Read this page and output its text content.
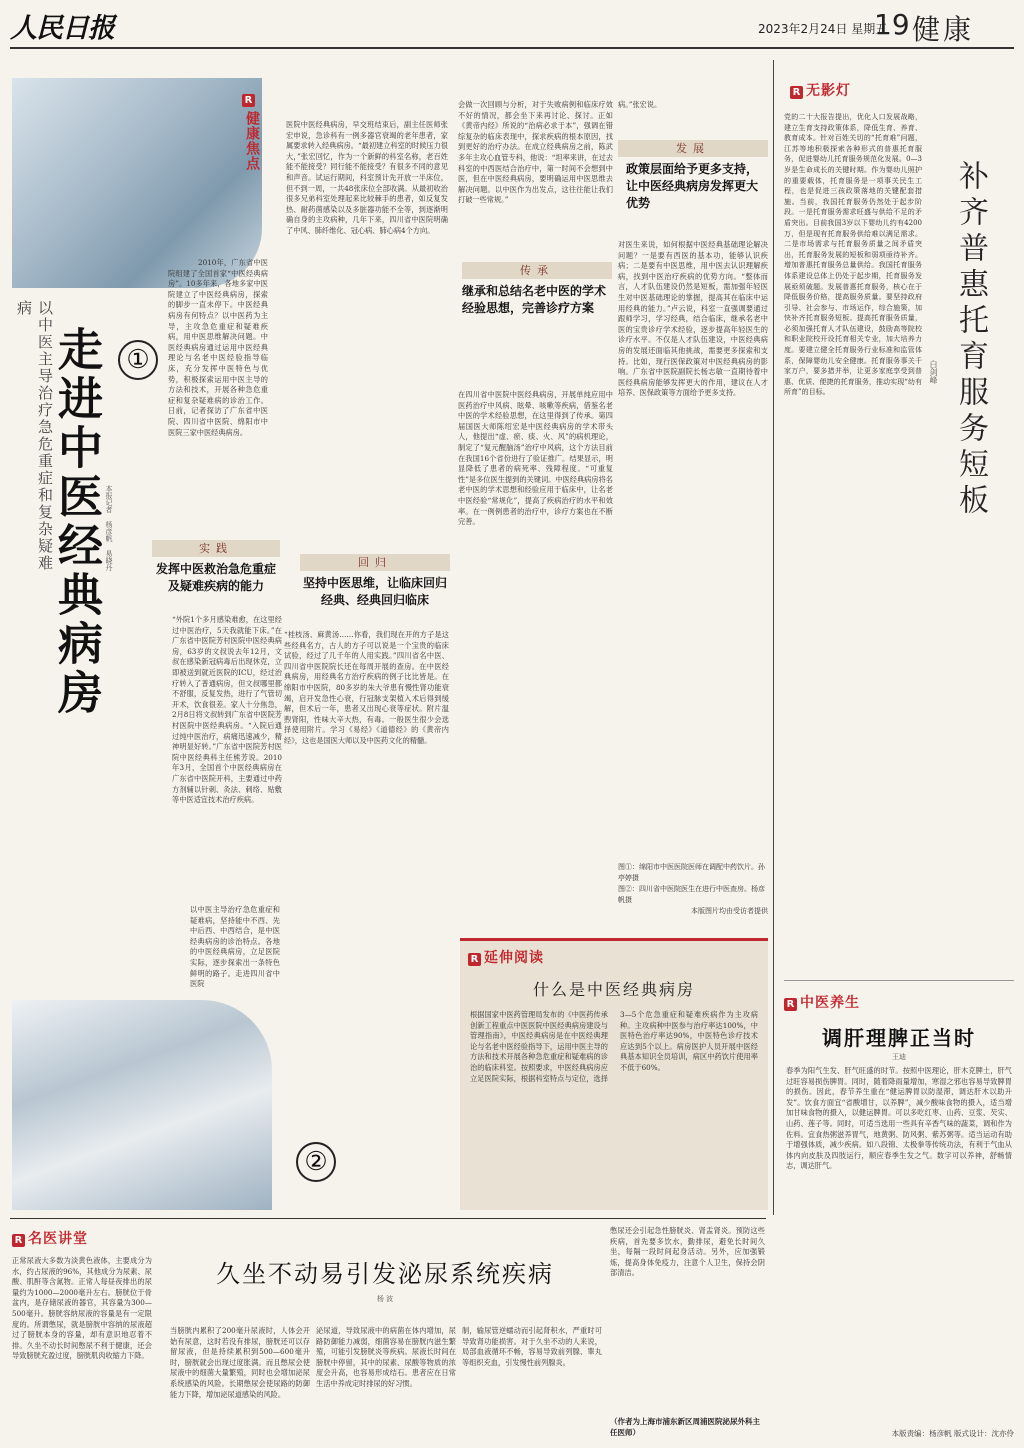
人民日报	2023年2月24日 星期五
19 健康
①
R
健康焦点
以中医主导治疗急危重症和复杂疑难病
走进中医经典病房 本报记者 杨彦帆 易晓丹
2010年，广东省中医院组建了全国首家“中医经典病房”。10多年来，各地多家中医院建立了中医经典病房，探索的脚步一直未停下。中医经典病房有何特点？以中医药为主导，主攻急危重症和疑难疾病，用中医思维解决问题。中医经典病房通过运用中医经典理论与名老中医经验指导临床，充分发挥中医特色与优势，积极探索运用中医主导的方法和技术，开展各种急危重症和复杂疑难病的诊治工作。日前，记者探访了广东省中医院、四川省中医院、绵阳市中医院三家中医经典病房。
实践
发挥中医救治急危重症及疑难疾病的能力
“外院1个多月感染难愈，在这里经过中医治疗，5天我就能下床。”在广东省中医院芳村医院中医经典病房，63岁的文叔说去年12月，文叔在感染新冠病毒后出现休克，立即被送到就近医院的ICU，经过治疗转入了普通病房，但文叔哪里都不舒服，反复发热，进行了气管切开术，饮食很差。家人十分焦急，2月8日将文叔转到广东省中医院芳村医院中医经典病房。“入院后通过纯中医治疗，病痛迅速减少，精神明显好转。”广东省中医院芳村医院中医经典科主任熊芳说。2010年3月，全国首个中医经典病房在广东省中医院开科，主要通过中药方剂辅以针刺、灸法、刺络、贴敷等中医适宜技术治疗疾病。
以中医主导治疗急危重症和疑难病，坚持能中不西、先中后西、中西结合，是中医经典病房的诊治特点。各地的中医经典病房，立足医院实际，逐步探索出一条特色鲜明的路子。走进四川省中医院
②
医院中医经典病房，早交班结束后，副主任医师张宏申说，急诊科有一例多器官衰竭的老年患者，家属要求转入经典病房。“最初建立科室的时候压力很大，”张宏回忆，作为一个新鲜的科室名称，老百姓能不能接受？同行能不能接受？有很多不同的意见和声音。试运行期间，科室预计先开放一半床位，但不到一周，一共48张床位全部收满。从最初收治很多兄弟科室处理起来比较棘手的患者，如反复发热、耐药菌感染以及多脏器功能不全等，到逐渐明确自身的主攻病种，几年下来，四川省中医院明确了中风、肺纤维化、冠心病、肺心病4个方向。
回归
坚持中医思维，让临床回归经典、经典回归临床
“桂枝汤、麻黄汤……你看，我们现在开的方子是这些经典名方，古人的方子可以说是一个宝贵的临床试验，经过了几千年的人用实践。”四川省名中医、四川省中医院院长还在每周开展的查房。在中医经典病房，用经典名方治疗疾病的例子比比皆是。在绵阳市中医院，80多岁的朱大爷患有慢性肾功能衰竭，启开发急性心衰，行冠脉支架植入术后得到缓解，但术后一年，患者又出现心衰等症状。附片温煦肾阳，性味大辛大热，有毒。一般医生很少会选择使用附片。学习《易经》《道德经》的《黄帝内经》，这也是国医大师以及中医药文化的精髓。
会做一次回顾与分析，对于失败病例和临床疗效不好的情况，都会坐下来再讨论、探讨。正如《黄帝内经》所说的“治病必求于本”，强调在错综复杂的临床表现中，探求疾病的根本原因，找到更好的治疗办法。在成立经典病房之前，陈武多年主攻心血管专科，他说：“坦率来讲，在过去科室的中西医结合治疗中，第一时间不会想到中医，但在中医经典病房，要明确运用中医思维去解决问题。以中医作为出发点，这往往能让我们打破一些常规。”
传承
继承和总结名老中医的学术经验思想，完善诊疗方案
在四川省中医院中医经典病房，开展单纯应用中医药治疗中风病、眩晕、咳嗽等疾病，借鉴名老中医的学术经验思想，在这里得到了传承。第四届国医大师陈绍宏是中医经典病房的学术带头人，他提出“虚、瘀、痰、火、风”的病机理论，制定了“复元醒脑汤”治疗中风病，这个方法目前在我国16个省份进行了验证推广。结果显示，明显降低了患者的病死率、残障程度。“可重复性”是多位医生提到的关键词。中医经典病房将名老中医的学术思想和经验应用于临床中，让名老中医经验“常规化”，提高了疾病治疗的水平和效率。在一例例患者的治疗中，诊疗方案也在不断完善。
病。”张宏说。
发展
政策层面给予更多支持，让中医经典病房发挥更大优势
对医生来说，如何根据中医经典基础理论解决问题？一是要有西医的基本功，能够认识疾病；二是要有中医思维，用中医去认识理解疾病，找到中医治疗疾病的优势方向。“整体而言，人才队伍建设仍然是短板，需加强年轻医生对中医基础理论的掌握，提高其在临床中运用经典的能力。”卢云说，科室一直强调要通过跟师学习，学习经典，结合临床，继承名老中医的宝贵诊疗学术经验，逐步提高年轻医生的诊疗水平。不仅是人才队伍建设，中医经典病房的发展还面临其他挑战，需要更多探索和支持。比如，现行医保政策对中医经典病房的影响。广东省中医院副院长杨志敏一直期待着中医经典病房能够发挥更大的作用，建议在人才培养、医保政策等方面给予更多支持。
图①：绵阳市中医医院医师在调配中药饮片。孙亭婷摄
图②：四川省中医院医生在进行中医查房。杨彦帆摄
本版图片均由受访者提供
R 延伸阅读
什么是中医经典病房
根据国家中医药管理局发布的《中医药传承创新工程重点中医医院中医经典病房建设与管理指南》，中医经典病房是在中医经典理论与名老中医经验指导下，运用中医主导的方法和技术开展各种急危重症和疑难病的诊治的临床科室。按照要求，中医经典病房应立足医院实际，根据科室特点与定位，选择3—5个危急重症和疑难疾病作为主攻病种。主攻病种中医参与治疗率达100%，中医特色治疗率达90%，中医特色诊疗技术应达到5个以上。病房医护人员开展中医经典基本知识全员培训，病区中药饮片使用率不低于60%。
R 无影灯
补齐普惠托育服务短板
白剑峰
党的二十大报告提出，优化人口发展战略，建立生育支持政策体系，降低生育、养育、教育成本。针对百姓关切的“托育难”问题，江苏等地积极探索各种形式的普惠托育服务，促进婴幼儿托育服务规范化发展。0—3岁是生命成长的关键时期。作为婴幼儿照护的重要载体，托育服务是一项事关民生工程，也是促进三孩政策落地的关键配套措施。当前，我国托育服务仍然处于起步阶段。一是托育服务需求旺盛与供给不足的矛盾突出。目前我国3岁以下婴幼儿约有4200万，但是现有托育服务供给难以满足需求。二是市场需求与托育服务质量之间矛盾突出，托育服务发展的短板和弱项亟待补齐。增加普惠托育服务总量供给。我国托育服务体系建设总体上仍处于起步期，托育服务发展亟须破题。发展普惠托育服务，核心在于降低服务价格，提高服务质量。要坚持政府引导、社会参与、市场运作，综合施策，加快补齐托育服务短板。提高托育服务质量，必须加强托育人才队伍建设，鼓励高等院校和职业院校开设托育相关专业，加大培养力度。要建立健全托育服务行业标准和监管体系，保障婴幼儿安全健康。托育服务事关千家万户，要多措并举，让更多家庭享受到普惠、优质、便捷的托育服务，推动实现“幼有所育”的目标。
R 中医养生
调肝理脾正当时
王迪
春季为阳气生发、肝气旺盛的时节。按照中医理论，肝木克脾土，肝气过旺容易损伤脾胃。同时，随着降雨量增加，寒湿之邪也容易导致脾胃的损伤。因此，春节养生重在“健运脾胃以防湿滞，调达肝木以助升发”。饮食方面宜“省酸增甘，以养脾”，减少酸味食物的摄入，适当增加甘味食物的摄入，以健运脾胃。可以多吃红枣、山药、豆浆、芡实、山药、莲子等。同时，可适当选用一些具有辛香气味的蔬菜，调和作为佐料。宜食热粥滋养胃气，地黄粥、防风粥、紫苏粥等。适当运动有助于增强体质，减少疾病。如八段锦、太极拳等传统功法，有利于气血从体内向皮肤及四肢运行，顺应春季生发之气。数字可以养神，舒畅情志，调达肝气。
本版责编：杨彦帆 版式设计：沈亦伶
R 名医讲堂
久坐不动易引发泌尿系统疾病
杨 波
正常尿液大多数为淡黄色液体，主要成分为水，约占尿液的96%，其他成分为尿素、尿酸、肌酐等含氮物。正常人每昼夜排出的尿量约为1000—2000毫升左右。膀胱位于骨盆内，是存储尿液的器官，其容量为300—500毫升。膀胱容纳尿液的容量是有一定限度的。所谓憋尿，就是膀胱中容纳的尿液超过了膀胱本身的容量，却有意识地忍着不排。久坐不动长时间憋尿不利于健康，还会导致膀胱充盈过度，膀胱肌肉收缩力下降。
当膀胱内累积了200毫升尿液时，人体会开始有尿意，这时若没有排尿，膀胱还可以存留尿液，但是持续累积到500—600毫升时，膀胱就会出现过度胀满。而且憋尿会使尿液中的细菌大量繁殖，同时也会增加泌尿系统感染的风险。长期憋尿会使尿路的防御能力下降，增加泌尿道感染的风险。
泌尿道，导致尿液中的病菌在体内增加，尿路防御能力减弱，细菌容易在膀胱内滋生繁殖，可能引发膀胱炎等疾病。尿液长时间在膀胱中停留，其中的尿素、尿酸等物质的浓度会升高，也容易形成结石。患者应在日常生活中养成定时排尿的好习惯。
制，输尿管逆蠕动而引起肾积水，严重时可导致肾功能损害。对于久坐不动的人来说，局部血液循环不畅，容易导致前列腺、睾丸等组织充血，引发慢性前列腺炎。
憋尿还会引起急性膀胱炎、肾盂肾炎。预防这些疾病，首先要多饮水，勤排尿，避免长时间久坐，每隔一段时间起身活动。另外，应加强锻炼，提高身体免疫力，注意个人卫生，保持会阴部清洁。
（作者为上海市浦东新区周浦医院泌尿外科主任医师）
